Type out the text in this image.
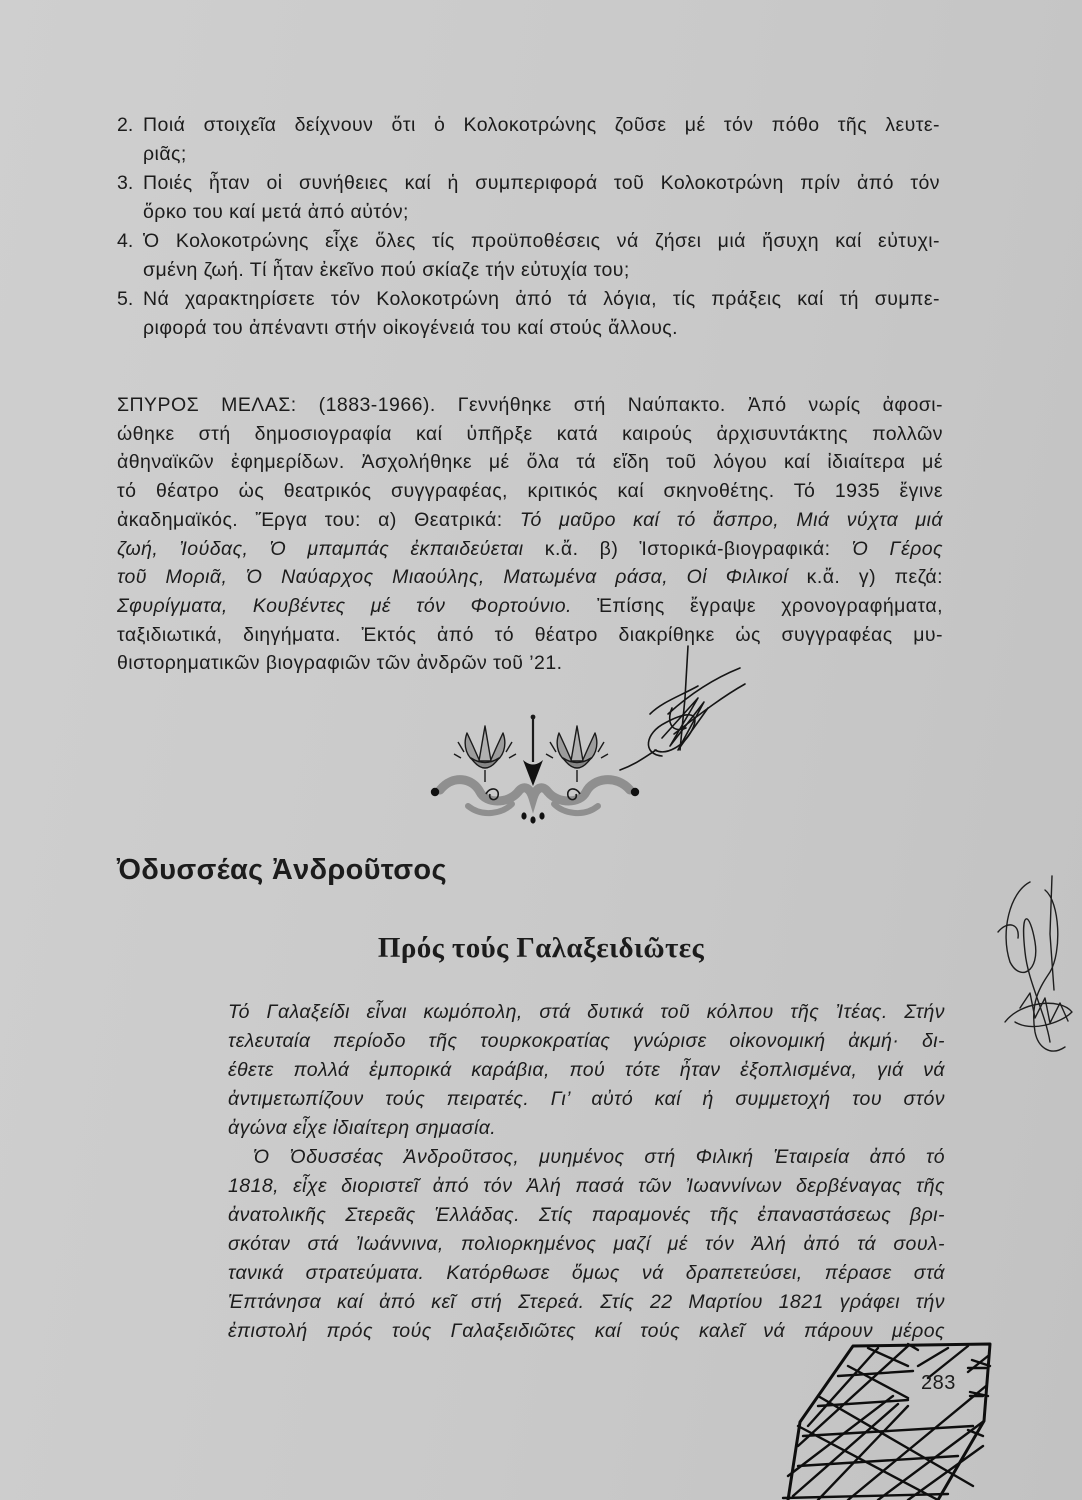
2. Ποιά στοιχεῖα δείχνουν ὅτι ὁ Κολοκοτρώνης ζοῦσε μέ τόν πόθο τῆς λευτε-
ριᾶς;
3. Ποιές ἦταν οἱ συνήθειες καί ἡ συμπεριφορά τοῦ Κολοκοτρώνη πρίν ἀπό τόν
ὅρκο του καί μετά ἀπό αὐτόν;
4. Ὁ Κολοκοτρώνης εἶχε ὅλες τίς προϋποθέσεις νά ζήσει μιά ἥσυχη καί εὐτυχι-
σμένη ζωή. Τί ἦταν ἐκεῖνο πού σκίαζε τήν εὐτυχία του;
5. Νά χαρακτηρίσετε τόν Κολοκοτρώνη ἀπό τά λόγια, τίς πράξεις καί τή συμπε-
ριφορά του ἀπέναντι στήν οἰκογένειά του καί στούς ἄλλους.
ΣΠΥΡΟΣ ΜΕΛΑΣ: (1883-1966). Γεννήθηκε στή Ναύπακτο. Ἀπό νωρίς ἀφοσι-
ώθηκε στή δημοσιογραφία καί ὑπῆρξε κατά καιρούς ἀρχισυντάκτης πολλῶν
ἀθηναϊκῶν ἐφημερίδων. Ἀσχολήθηκε μέ ὅλα τά εἴδη τοῦ λόγου καί ἰδιαίτερα μέ
τό θέατρο ὡς θεατρικός συγγραφέας, κριτικός καί σκηνοθέτης. Τό 1935 ἔγινε
ἀκαδημαϊκός. Ἔργα του: α) Θεατρικά: Τό μαῦρο καί τό ἄσπρο, Μιά νύχτα μιά
ζωή, Ἰούδας, Ὁ μπαμπάς ἐκπαιδεύεται κ.ἄ. β) Ἱστορικά-βιογραφικά: Ὁ Γέρος
τοῦ Μοριᾶ, Ὁ Ναύαρχος Μιαούλης, Ματωμένα ράσα, Οἱ Φιλικοί κ.ἄ. γ) πεζά:
Σφυρίγματα, Κουβέντες μέ τόν Φορτούνιο. Ἐπίσης ἔγραψε χρονογραφήματα,
ταξιδιωτικά, διηγήματα. Ἐκτός ἀπό τό θέατρο διακρίθηκε ὡς συγγραφέας μυ-
θιστορηματικῶν βιογραφιῶν τῶν ἀνδρῶν τοῦ ’21.
Ὀδυσσέας Ἀνδροῦτσος
Πρός τούς Γαλαξειδιῶτες
Τό Γαλαξείδι εἶναι κωμόπολη, στά δυτικά τοῦ κόλπου τῆς Ἰτέας. Στήν
τελευταία περίοδο τῆς τουρκοκρατίας γνώρισε οἰκονομική ἀκμή· δι-
έθετε πολλά ἐμπορικά καράβια, πού τότε ἦταν ἐξοπλισμένα, γιά νά
ἀντιμετωπίζουν τούς πειρατές. Γι’ αὐτό καί ἡ συμμετοχή του στόν
ἀγώνα εἶχε ἰδιαίτερη σημασία.
Ὁ Ὀδυσσέας Ἀνδροῦτσος, μυημένος στή Φιλική Ἑταιρεία ἀπό τό
1818, εἶχε διοριστεῖ ἀπό τόν Ἀλή πασά τῶν Ἰωαννίνων δερβέναγας τῆς
ἀνατολικῆς Στερεᾶς Ἑλλάδας. Στίς παραμονές τῆς ἐπαναστάσεως βρι-
σκόταν στά Ἰωάννινα, πολιορκημένος μαζί μέ τόν Ἀλή ἀπό τά σουλ-
τανικά στρατεύματα. Κατόρθωσε ὅμως νά δραπετεύσει, πέρασε στά
Ἑπτάνησα καί ἀπό κεῖ στή Στερεά. Στίς 22 Μαρτίου 1821 γράφει τήν
ἐπιστολή πρός τούς Γαλαξειδιῶτες καί τούς καλεῖ νά πάρουν μέρος
283
